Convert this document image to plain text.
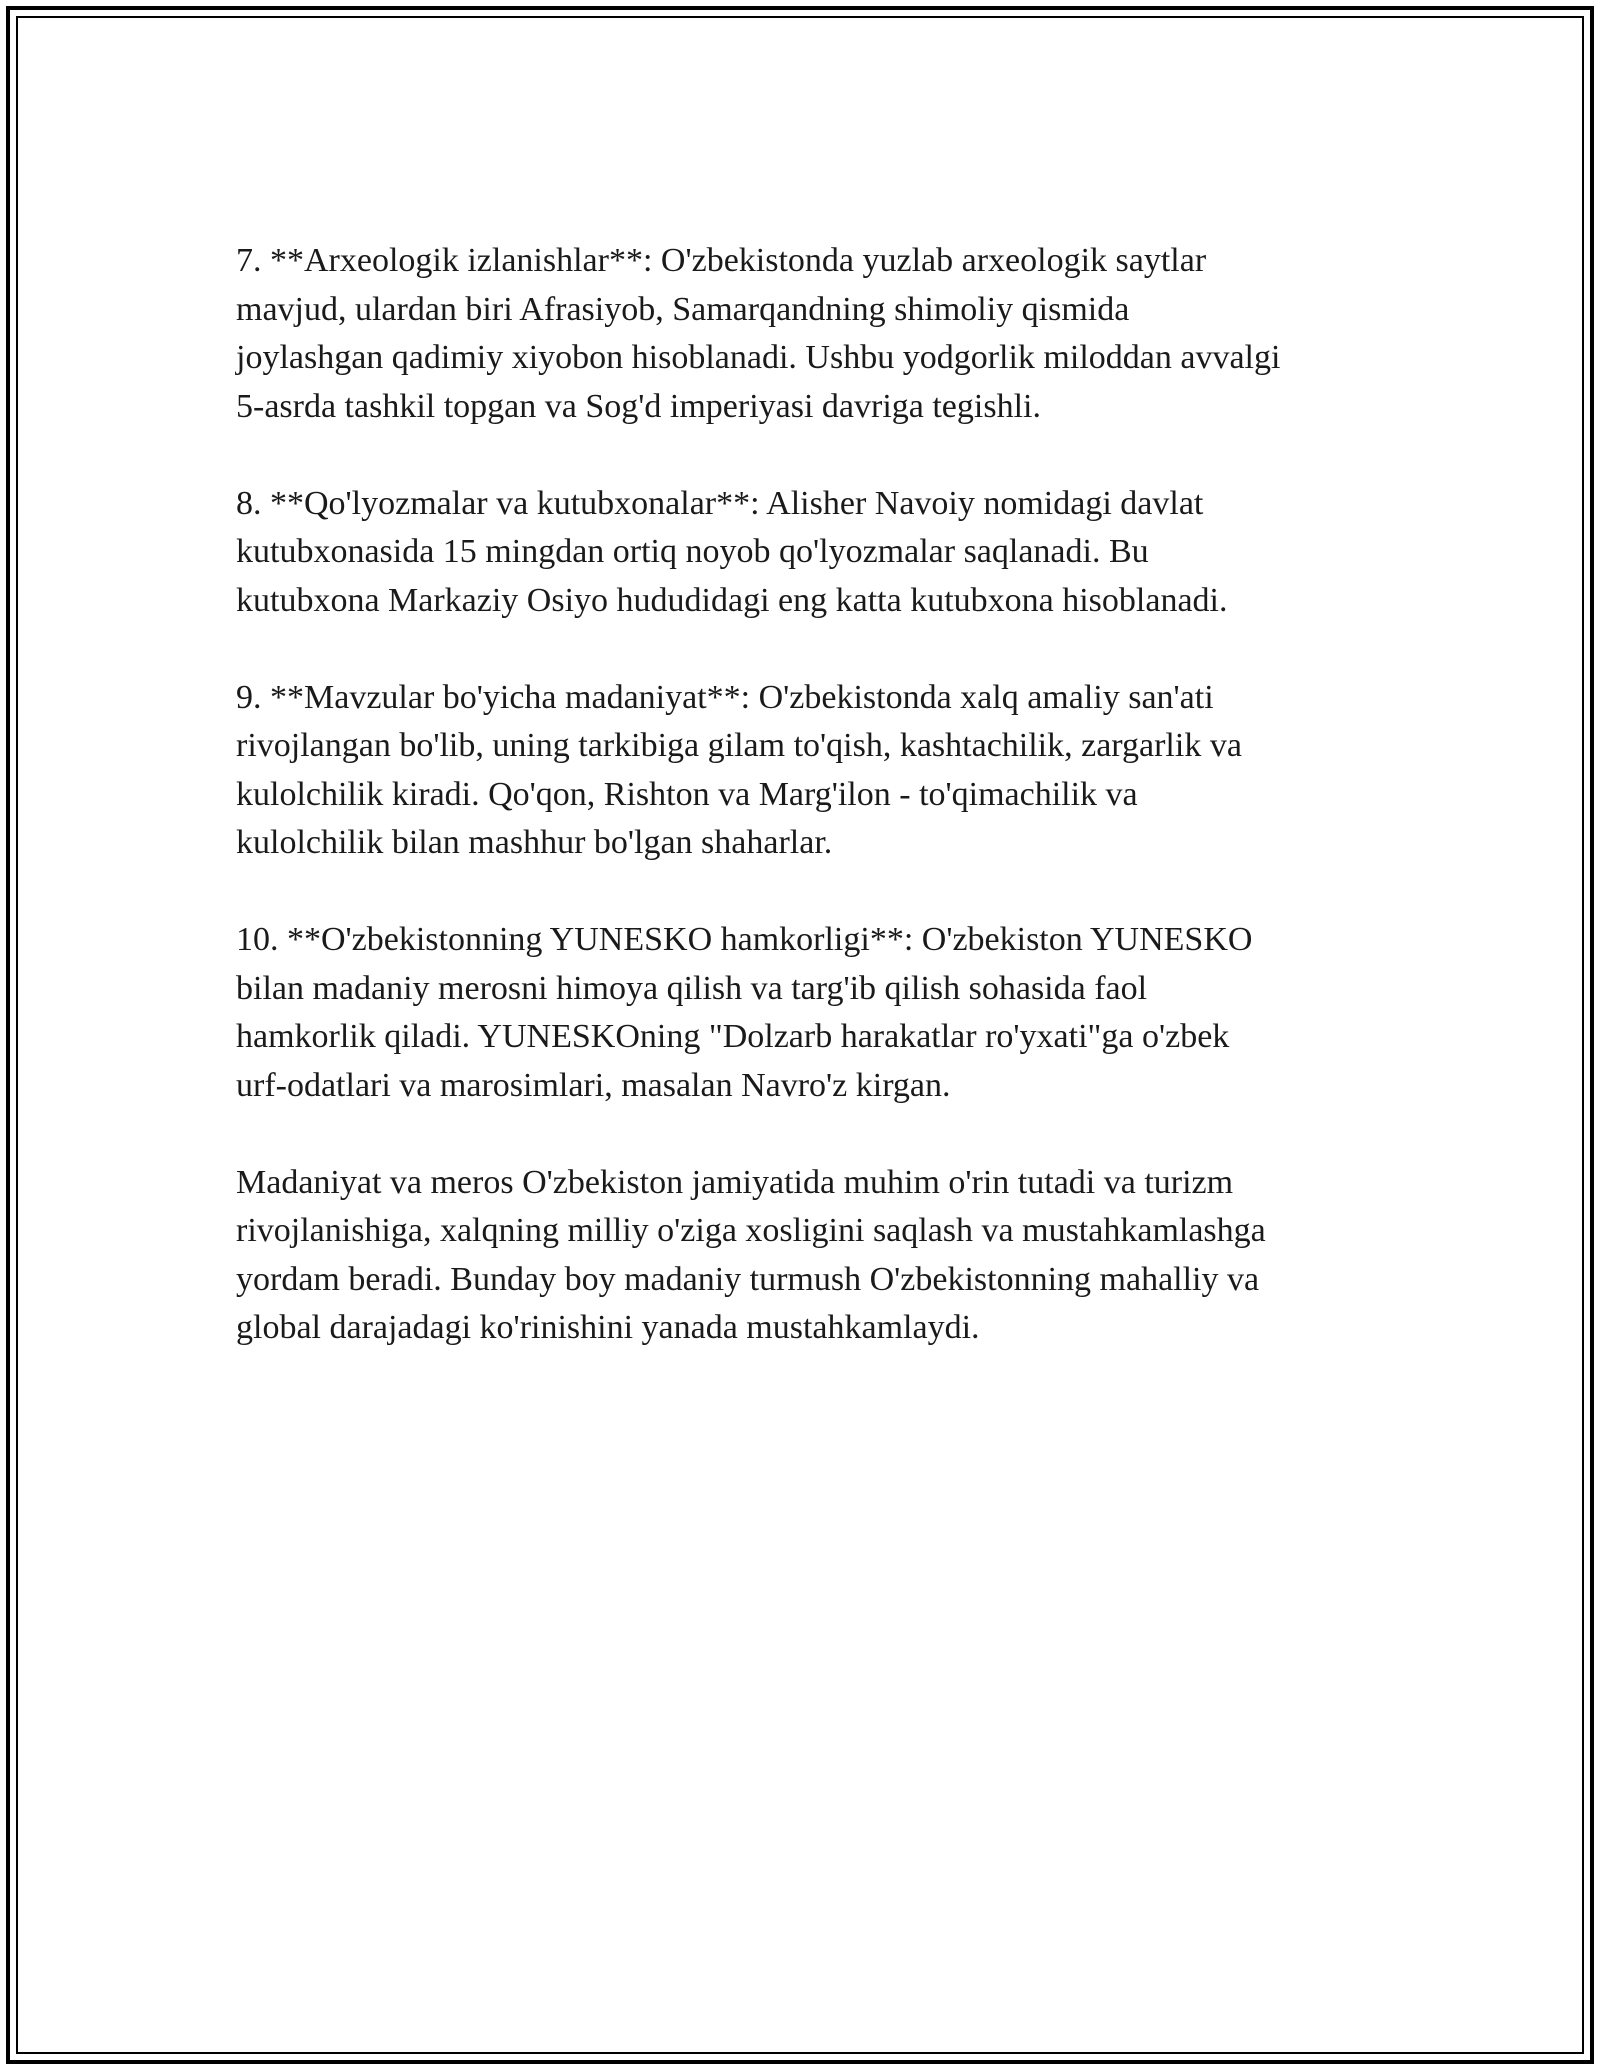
7. **Arxeologik izlanishlar**: O'zbekistonda yuzlab arxeologik saytlar
mavjud, ulardan biri Afrasiyob, Samarqandning shimoliy qismida
joylashgan qadimiy xiyobon hisoblanadi. Ushbu yodgorlik miloddan avvalgi
5-asrda tashkil topgan va Sog'd imperiyasi davriga tegishli.

8. **Qo'lyozmalar va kutubxonalar**: Alisher Navoiy nomidagi davlat
kutubxonasida 15 mingdan ortiq noyob qo'lyozmalar saqlanadi. Bu
kutubxona Markaziy Osiyo hududidagi eng katta kutubxona hisoblanadi.

9. **Mavzular bo'yicha madaniyat**: O'zbekistonda xalq amaliy san'ati
rivojlangan bo'lib, uning tarkibiga gilam to'qish, kashtachilik, zargarlik va
kulolchilik kiradi. Qo'qon, Rishton va Marg'ilon - to'qimachilik va
kulolchilik bilan mashhur bo'lgan shaharlar.

10. **O'zbekistonning YUNESKO hamkorligi**: O'zbekiston YUNESKO
bilan madaniy merosni himoya qilish va targ'ib qilish sohasida faol
hamkorlik qiladi. YUNESKOning "Dolzarb harakatlar ro'yxati"ga o'zbek
urf-odatlari va marosimlari, masalan Navro'z kirgan.

Madaniyat va meros O'zbekiston jamiyatida muhim o'rin tutadi va turizm
rivojlanishiga, xalqning milliy o'ziga xosligini saqlash va mustahkamlashga
yordam beradi. Bunday boy madaniy turmush O'zbekistonning mahalliy va
global darajadagi ko'rinishini yanada mustahkamlaydi.
